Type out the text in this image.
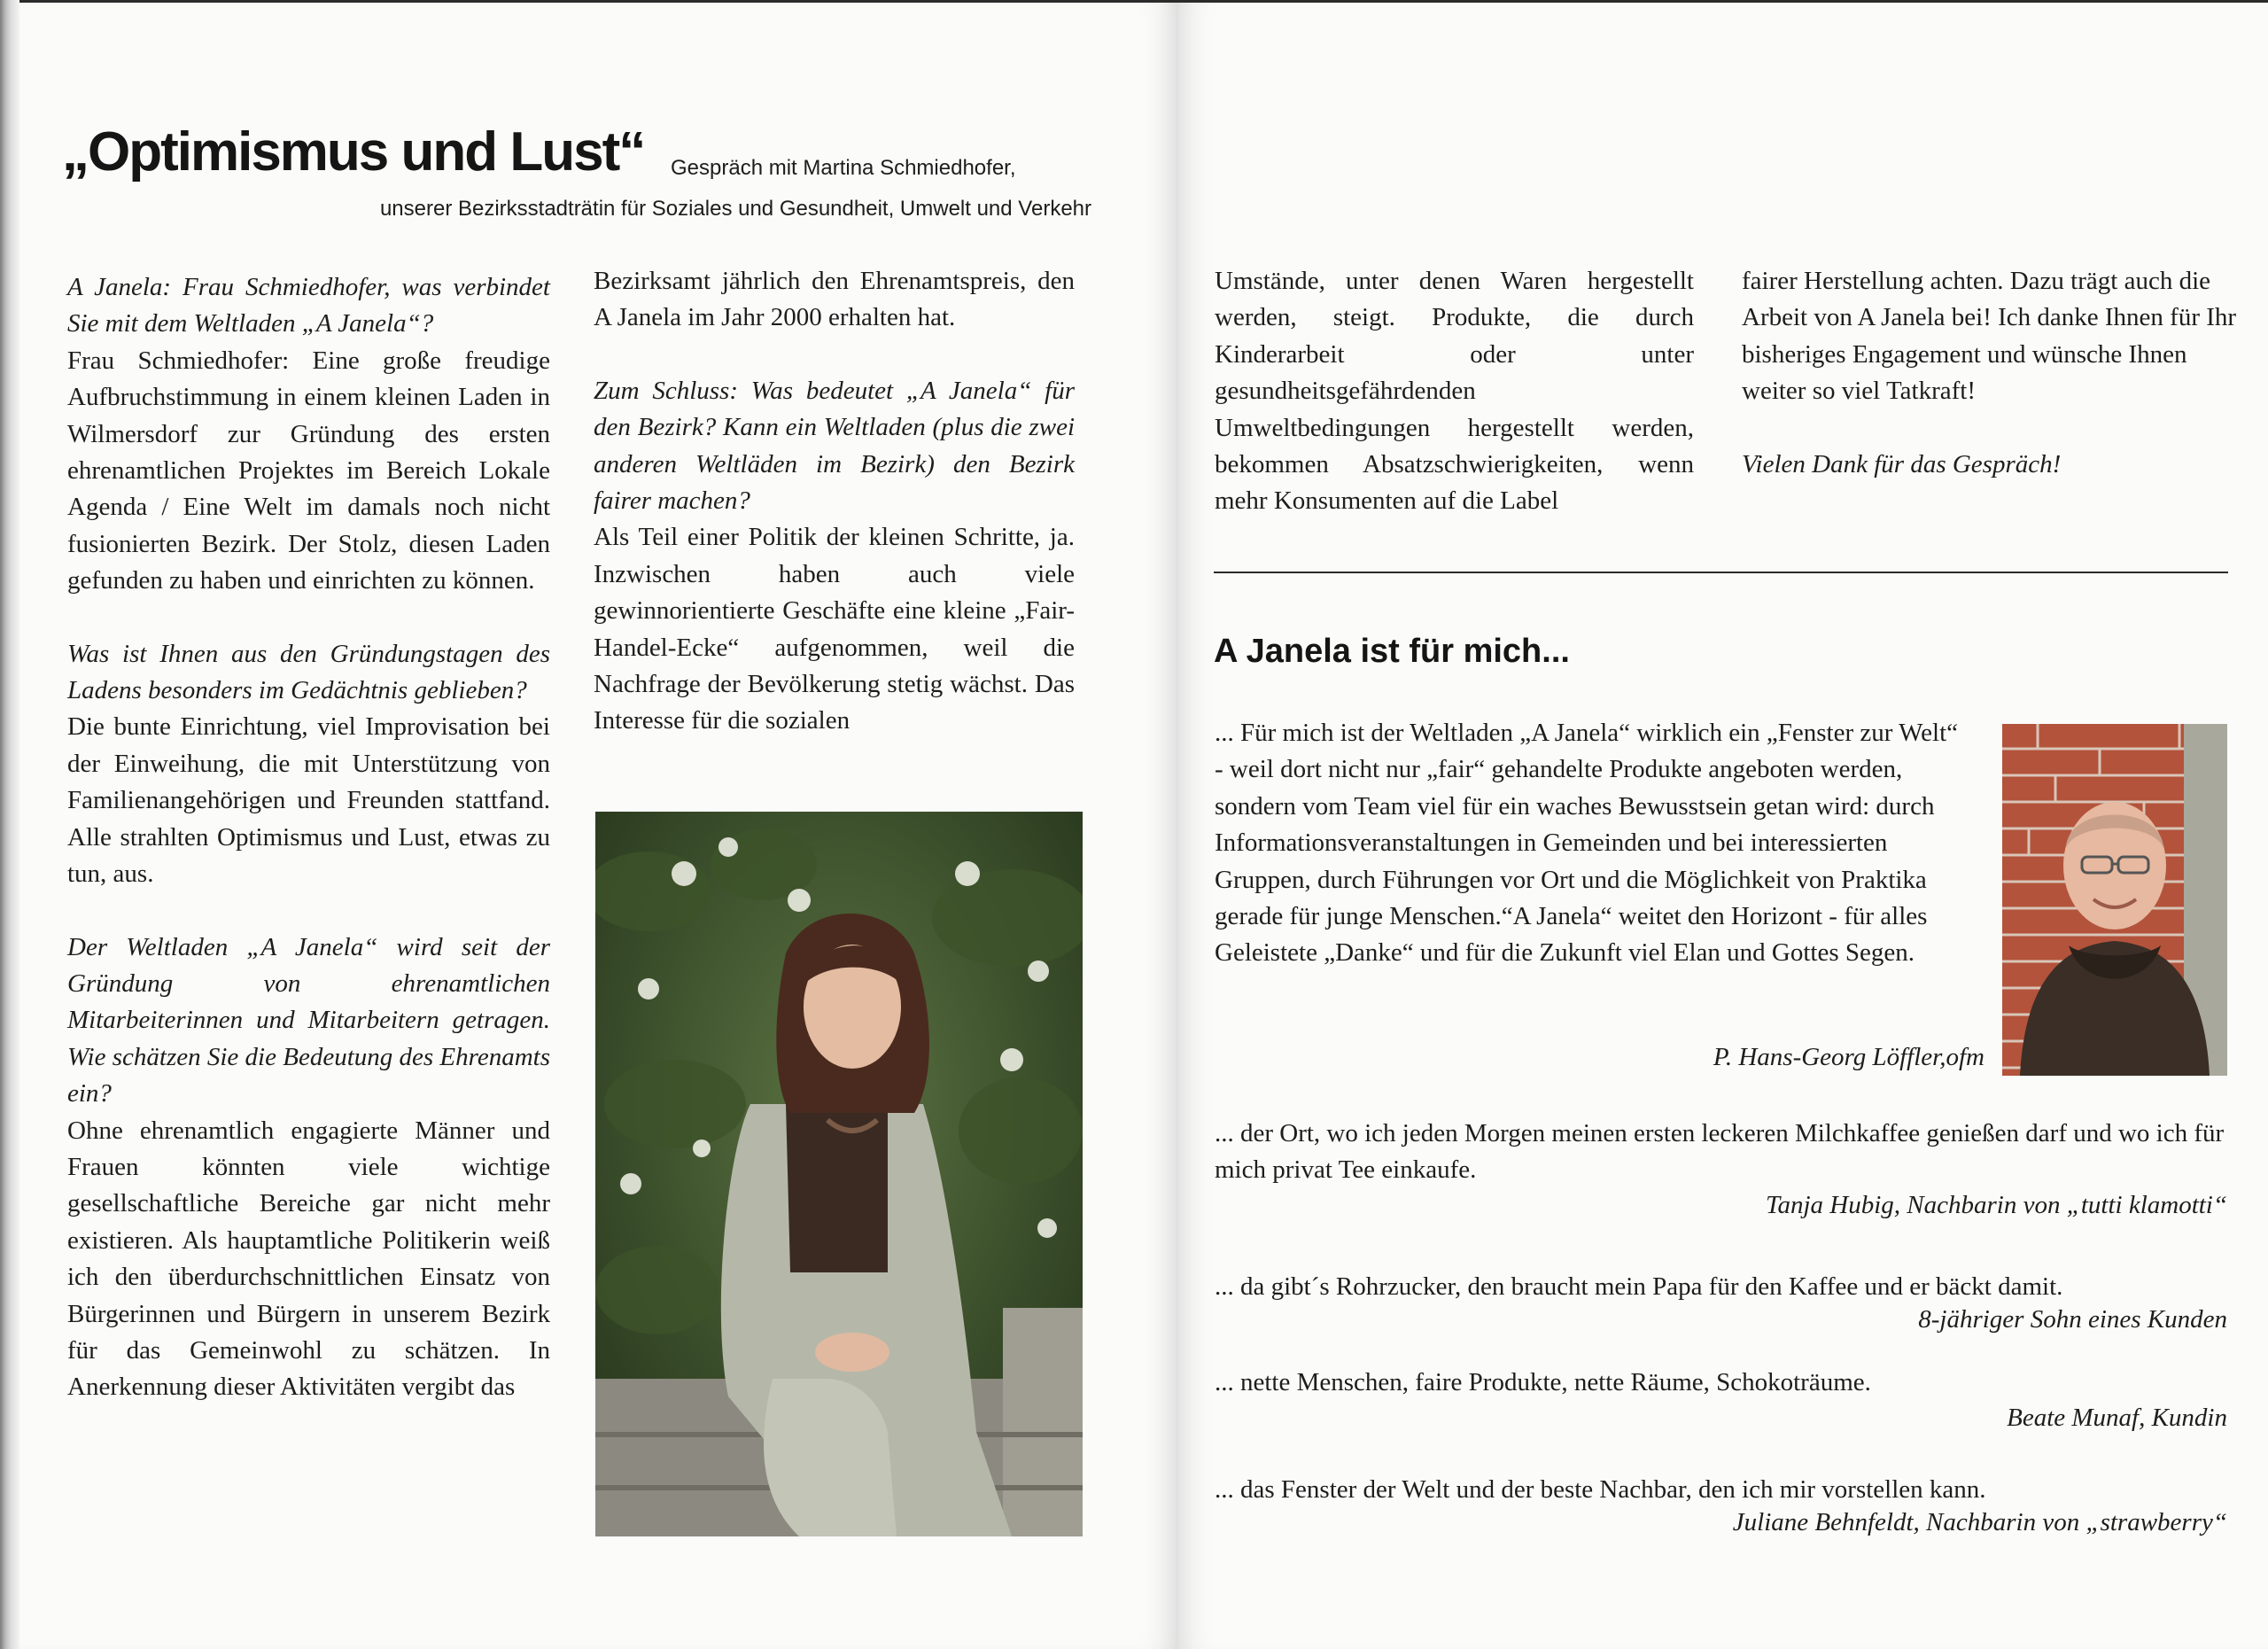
„Optimismus und Lust“ Gespräch mit Martina Schmiedhofer,
unserer Bezirksstadträtin für Soziales und Gesundheit, Umwelt und Verkehr

A Janela: Frau Schmiedhofer, was verbindet Sie mit dem Weltladen „A Janela“?

Frau Schmiedhofer: Eine große freudige Aufbruchstimmung in einem kleinen Laden in Wilmersdorf zur Gründung des ersten ehrenamtlichen Projektes im Bereich Lokale Agenda / Eine Welt im damals noch nicht fusionierten Bezirk. Der Stolz, diesen Laden gefunden zu haben und einrichten zu können.

Was ist Ihnen aus den Gründungstagen des Ladens besonders im Gedächtnis geblieben?

Die bunte Einrichtung, viel Improvisation bei der Einweihung, die mit Unterstützung von Familienangehörigen und Freunden stattfand. Alle strahlten Optimismus und Lust, etwas zu tun, aus.

Der Weltladen „A Janela“ wird seit der Gründung von ehrenamtlichen Mitarbeiterinnen und Mitarbeitern getragen. Wie schätzen Sie die Bedeutung des Ehrenamts ein?

Ohne ehrenamtlich engagierte Männer und Frauen könnten viele wichtige gesellschaftliche Bereiche gar nicht mehr existieren. Als hauptamtliche Politikerin weiß ich den überdurchschnittlichen Einsatz von Bürgerinnen und Bürgern in unserem Bezirk für das Gemeinwohl zu schätzen. In Anerkennung dieser Aktivitäten vergibt das

Bezirksamt jährlich den Ehrenamtspreis, den A Janela im Jahr 2000 erhalten hat.

Zum Schluss: Was bedeutet „A Janela“ für den Bezirk? Kann ein Weltladen (plus die zwei anderen Weltläden im Bezirk) den Bezirk fairer machen?

Als Teil einer Politik der kleinen Schritte, ja. Inzwischen haben auch viele gewinnorientierte Geschäfte eine kleine „Fair-Handel-Ecke“ aufgenommen, weil die Nachfrage der Bevölkerung stetig wächst. Das Interesse für die sozialen

Umstände, unter denen Waren hergestellt werden, steigt. Produkte, die durch Kinderarbeit oder unter gesundheitsgefährdenden Umweltbedingungen hergestellt werden, bekommen Absatzschwierigkeiten, wenn mehr Konsumenten auf die Label

fairer Herstellung achten. Dazu trägt auch die Arbeit von A Janela bei! Ich danke Ihnen für Ihr bisheriges Engagement und wünsche Ihnen weiter so viel Tatkraft!

Vielen Dank für das Gespräch!

A Janela ist für mich...
... Für mich ist der Weltladen „A Janela“ wirklich ein „Fenster zur Welt“ - weil dort nicht nur „fair“ gehandelte Produkte angeboten werden, sondern vom Team viel für ein waches Bewusstsein getan wird: durch Informationsveranstaltungen in Gemeinden und bei interessierten Gruppen, durch Führungen vor Ort und die Möglichkeit von Praktika gerade für junge Menschen.“A Janela“ weitet den Horizont - für alles Geleistete „Danke“ und für die Zukunft viel Elan und Gottes Segen.
P. Hans-Georg Löffler,ofm
... der Ort, wo ich jeden Morgen meinen ersten leckeren Milchkaffee genießen darf und wo ich für mich privat Tee einkaufe.
Tanja Hubig, Nachbarin von „tutti klamotti“
... da gibt´s Rohrzucker, den braucht mein Papa für den Kaffee und er bäckt damit.
8-jähriger Sohn eines Kunden
... nette Menschen, faire Produkte, nette Räume, Schokoträume.
Beate Munaf, Kundin
... das Fenster der Welt und der beste Nachbar, den ich mir vorstellen kann.
Juliane Behnfeldt, Nachbarin von „strawberry“
